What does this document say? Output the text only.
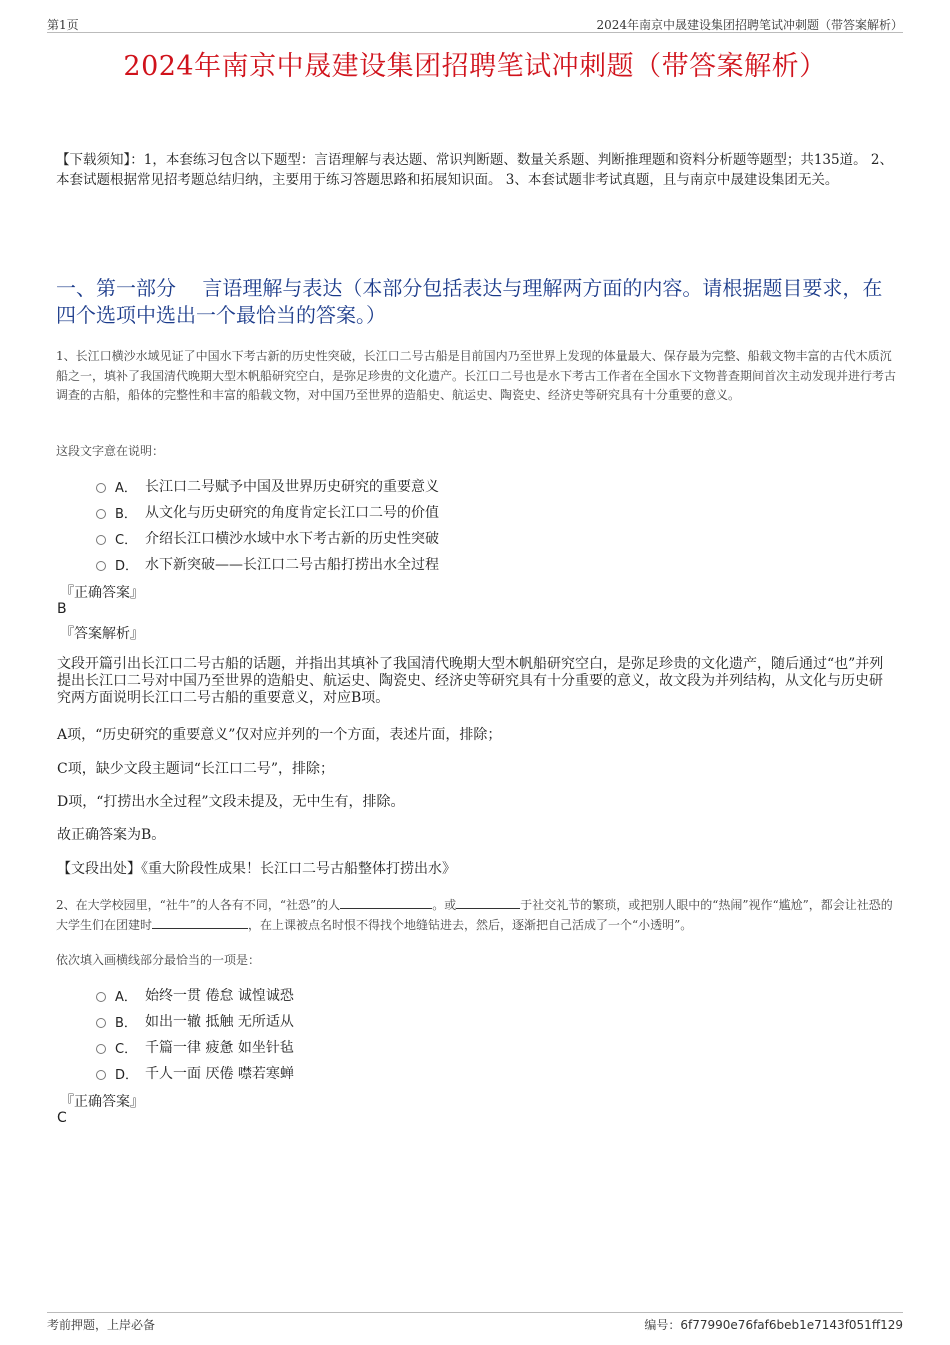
第1页	2024年南京中晟建设集团招聘笔试冲刺题（带答案解析）
2024年南京中晟建设集团招聘笔试冲刺题（带答案解析）
【下载须知】：1，本套练习包含以下题型：言语理解与表达题、常识判断题、数量关系题、判断推理题和资料分析题等题型；共135道。 2、本套试题根据常见招考题总结归纳，主要用于练习答题思路和拓展知识面。 3、本套试题非考试真题，且与南京中晟建设集团无关。
一、第一部分　 言语理解与表达（本部分包括表达与理解两方面的内容。请根据题目要求，在四个选项中选出一个最恰当的答案。）
1、长江口横沙水域见证了中国水下考古新的历史性突破，长江口二号古船是目前国内乃至世界上发现的体量最大、保存最为完整、船载文物丰富的古代木质沉船之一，填补了我国清代晚期大型木帆船研究空白，是弥足珍贵的文化遗产。长江口二号也是水下考古工作者在全国水下文物普查期间首次主动发现并进行考古调查的古船，船体的完整性和丰富的船载文物，对中国乃至世界的造船史、航运史、陶瓷史、经济史等研究具有十分重要的意义。
这段文字意在说明：
A． 长江口二号赋予中国及世界历史研究的重要意义
B． 从文化与历史研究的角度肯定长江口二号的价值
C． 介绍长江口横沙水域中水下考古新的历史性突破
D． 水下新突破——长江口二号古船打捞出水全过程
『正确答案』
B
『答案解析』
文段开篇引出长江口二号古船的话题，并指出其填补了我国清代晚期大型木帆船研究空白，是弥足珍贵的文化遗产，随后通过“也”并列提出长江口二号对中国乃至世界的造船史、航运史、陶瓷史、经济史等研究具有十分重要的意义，故文段为并列结构，从文化与历史研究两方面说明长江口二号古船的重要意义，对应B项。
A项，“历史研究的重要意义”仅对应并列的一个方面，表述片面，排除；
C项，缺少文段主题词“长江口二号”，排除；
D项，“打捞出水全过程”文段未提及，无中生有，排除。
故正确答案为B。
【文段出处】《重大阶段性成果！长江口二号古船整体打捞出水》
2、在大学校园里，“社牛”的人各有不同，“社恐”的人	。或	于社交礼节的繁琐，或把别人眼中的“热闹”视作“尴尬”，都会让社恐的大学生们在团建时	，在上课被点名时恨不得找个地缝钻进去，然后，逐渐把自己活成了一个“小透明”。
依次填入画横线部分最恰当的一项是：
A． 始终一贯 倦怠 诚惶诚恐
B． 如出一辙 抵触 无所适从
C． 千篇一律 疲惫 如坐针毡
D． 千人一面 厌倦 噤若寒蝉
『正确答案』
C
考前押题，上岸必备	编号：6f77990e76faf6beb1e7143f051ff129
